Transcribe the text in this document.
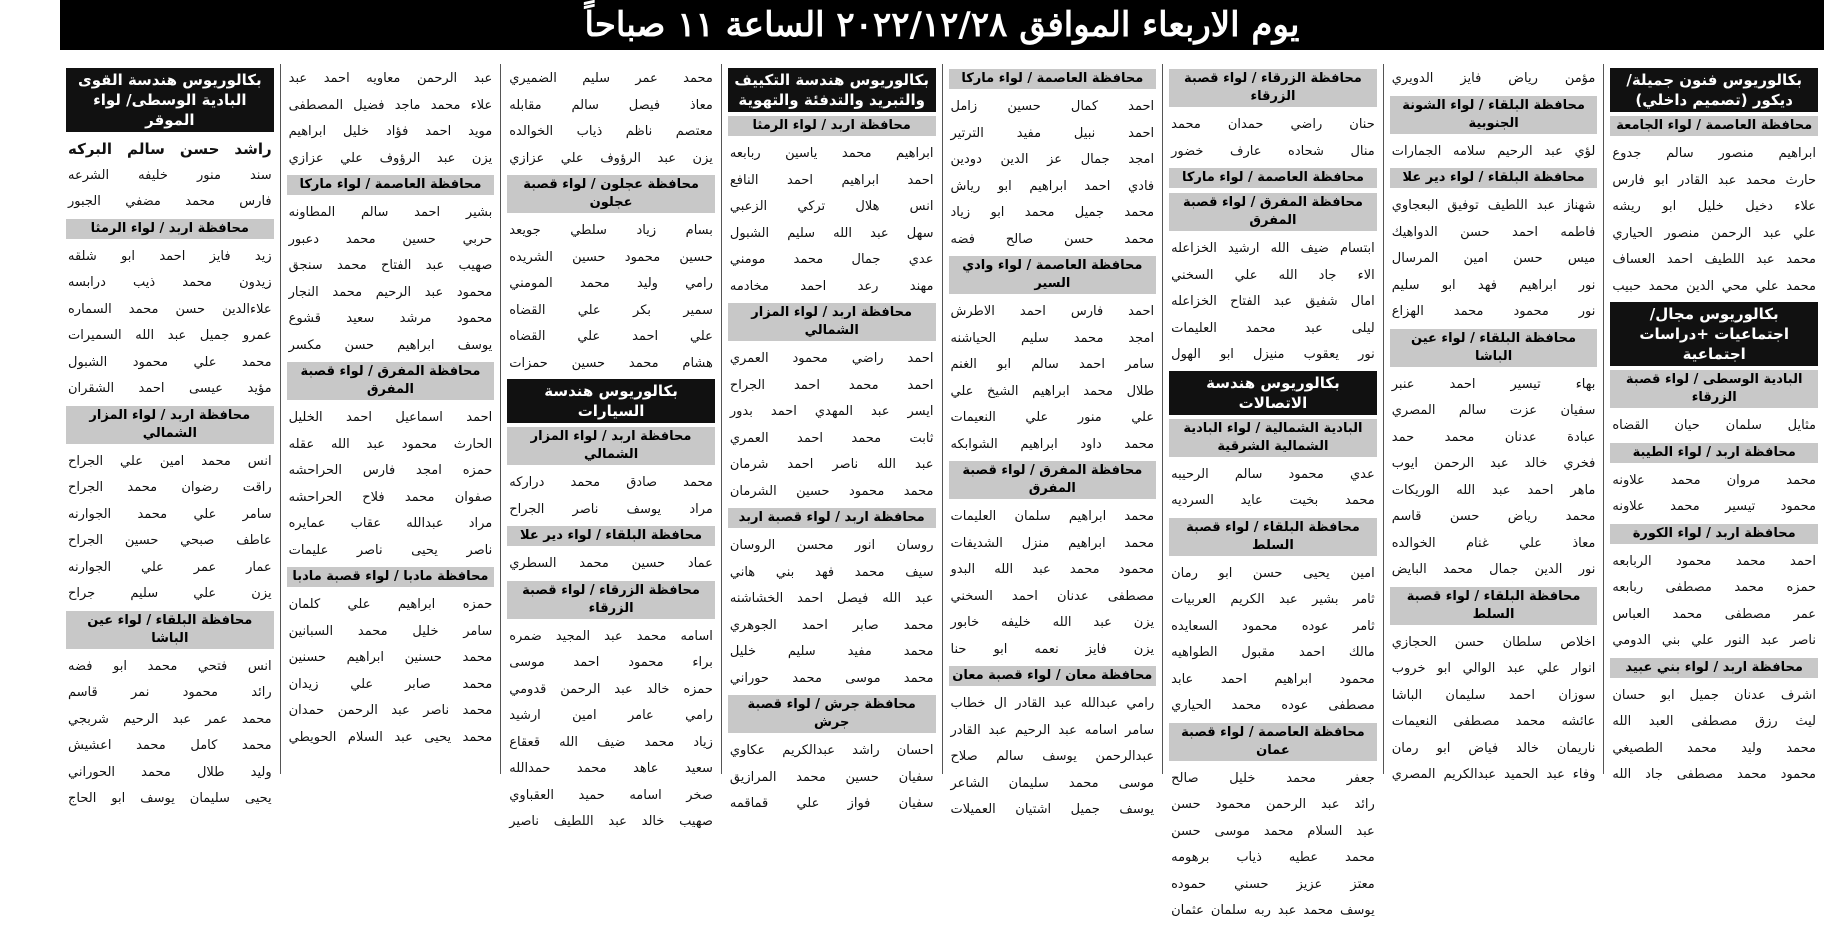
يوم الاربعاء الموافق ٢٠٢٢/١٢/٢٨ الساعة ١١ صباحاً
بكالوريوس فنون جميلة/ ديكور (تصميم داخلي)
محافظة العاصمة / لواء الجامعة
ابراهيم منصور سالم جدوع
حارث محمد عبد القادر ابو فارس
علاء دخيل خليل ابو ريشه
علي عبد الرحمن منصور الحياري
محمد عبد اللطيف احمد العساف
محمد علي محي الدين محمد حبيب
بكالوريوس مجال/اجتماعيات +دراسات اجتماعية
البادية الوسطى / لواء قصبة الزرقاء
مثايل سلمان حيان القضاه
محافظة اربد / لواء الطيبة
محمد مروان محمد علاونه
محمود تيسير محمد علاونه
محافظة اربد / لواء الكورة
احمد محمد محمود الربابعه
حمزه محمد مصطفى ربابعه
عمر مصطفى محمد العباس
ناصر عبد النور علي بني الدومي
محافظة اربد / لواء بني عبيد
اشرف عدنان جميل ابو حسان
ليث رزق مصطفى العبد الله
محمد وليد محمد الطصيغي
محمود محمد مصطفى جاد الله
مؤمن رياض فايز الدويري
محافظة البلقاء / لواء الشونة الجنوبية
لؤي عبد الرحيم سلامه الجمارات
محافظة البلقاء / لواء دير علا
شهناز عبد اللطيف توفيق البعجاوي
فاطمه احمد حسن الدواهيك
ميس حسن امين المرسال
نور ابراهيم فهد ابو سليم
نور محمود محمد الهزاع
محافظة البلقاء / لواء عين الباشا
بهاء تيسير احمد عنبر
سفيان عزت سالم المصري
عبادة عدنان محمد حمد
فخري خالد عبد الرحمن ايوب
ماهر احمد عبد الله الوريكات
محمد رياض حسن قاسم
معاذ علي غنام الخوالده
نور الدين جمال محمد البايض
محافظة البلقاء / لواء قصبة السلط
اخلاص سلطان حسن الحجازي
انوار علي عبد الوالي ابو خروب
سوزان احمد سليمان الباشا
عائشه محمد مصطفى النعيمات
ناريمان خالد فياض ابو رمان
وفاء عبد الحميد عبدالكريم المصري
محافظة الزرقاء / لواء قصبة الزرقاء
حنان راضي حمدان محمد
منال شحاده عارف خضور
محافظة العاصمة / لواء ماركا
محافظة المفرق / لواء قصبة المفرق
ابتسام ضيف الله ارشيد الخزاعله
الاء جاد الله علي السخني
امال شفيق عبد الفتاح الخزاعله
ليلى عبد محمد العليمات
نور يعقوب منيزل ابو الهول
بكالوريوس هندسة الاتصالات
البادية الشمالية / لواء البادية الشمالية الشرقية
عدي محمود سالم الرحيبه
محمد بخيت عايد السرديه
محافظة البلقاء / لواء قصبة السلط
امين يحيى حسن ابو رمان
ثامر بشير عبد الكريم العربيات
ثامر عوده محمود السعايده
مالك احمد مقبول الطواهيه
محمود ابراهيم احمد عابد
مصطفى عوده محمد الحياري
محافظة العاصمة / لواء قصبة عمان
جعفر محمد خليل صالح
رائد عبد الرحمن محمود حسن
عبد السلام محمد موسى حسن
محمد عطيه ذياب برهومه
معتز عزيز حسني حموده
يوسف محمد عبد ربه سلمان عثمان
محافظة العاصمة / لواء ماركا
احمد كمال حسين زامل
احمد نبيل مفيد الترتير
امجد جمال عز الدين دودين
فادي احمد ابراهيم ابو رياش
محمد جميل محمد ابو زياد
محمد حسن صالح فضه
محافظة العاصمة / لواء وادي السير
احمد فارس احمد الاطرش
امجد محمد سليم الحياشنه
سامر احمد سالم ابو الغنم
طلال محمد ابراهيم الشيخ علي
علي منور علي النعيمات
محمد داود ابراهيم الشوابكه
محافظة المفرق / لواء قصبة المفرق
محمد ابراهيم سلمان العليمات
محمد ابراهيم منزل الشديفات
محمود محمد عبد الله البدو
مصطفى عدنان احمد السخني
يزن عبد الله خليفه خابور
يزن فايز نعمه ابو حنا
محافظة معان / لواء قصبة معان
رامي عبدالله عبد القادر ال خطاب
سامر اسامه عبد الرحيم عبد القادر
عبدالرحمن يوسف سالم صلاح
موسى محمد سليمان الشاعر
يوسف جميل اشتيان العميلات
بكالوريوس هندسة التكييف والتبريد والتدفئة والتهوية
محافظة اربد / لواء الرمثا
ابراهيم محمد ياسين ربابعه
احمد ابراهيم احمد النافع
انس هلال تركي الزعبي
سهل عبد الله سليم الشبول
عدي جمال محمد مومني
مهند رعد احمد مخادمه
محافظة اربد / لواء المزار الشمالي
احمد راضي محمود العمري
احمد محمد احمد الجراح
ايسر عبد المهدي احمد بدور
ثابت محمد احمد العمري
عبد الله ناصر احمد شرمان
محمد محمود حسين الشرمان
محافظة اربد / لواء قصبة اربد
روسان انور محسن الروسان
سيف محمد فهد بني هاني
عبد الله فيصل احمد الخشاشنه
محمد صابر احمد الجوهري
محمد مفيد سليم خليل
محمد موسى محمد حوراني
محافظة جرش / لواء قصبة جرش
احسان راشد عبدالكريم عكاوي
سفيان حسين محمد المرازيق
سفيان فواز علي قماقمه
محمد عمر سليم الضميري
معاذ فيصل سالم مقابله
معتصم ناظم ذياب الخوالده
يزن عبد الرؤوف علي عزازي
محافظة عجلون / لواء قصبة عجلون
بسام زياد سلطي جويعد
حسين محمود حسين الشريده
رامي وليد محمد المومني
سمير بكر علي القضاه
علي احمد علي القضاه
هشام محمد حسين حمزات
بكالوريوس هندسة السيارات
محافظة اربد / لواء المزار الشمالي
محمد صادق محمد دراركه
مراد يوسف ناصر الجراح
محافظة البلقاء / لواء دير علا
عماد حسين محمد السطري
محافظة الزرقاء / لواء قصبة الزرقاء
اسامه محمد عبد المجيد ضمره
براء محمود احمد موسى
حمزه خالد عبد الرحمن قدومي
رامي عامر امين ارشيد
زياد محمد ضيف الله قعقاع
سعيد عاهد محمد حمدالله
صخر اسامه حميد العقباوي
صهيب خالد عبد اللطيف ناصير
عبد الرحمن معاويه احمد عبد
علاء محمد ماجد فضيل المصطفى
مويد احمد فؤاد خليل ابراهيم
يزن عبد الرؤوف علي عزازي
محافظة العاصمة / لواء ماركا
بشير احمد سالم المطاونه
حربي حسين محمد دعبور
صهيب عبد الفتاح محمد سنجق
محمود عبد الرحيم محمد النجار
محمود مرشد سعيد قشوع
يوسف ابراهيم حسن مكسر
محافظة المفرق / لواء قصبة المفرق
احمد اسماعيل احمد الخليل
الحارث محمود عبد الله عقله
حمزه امجد فارس الحراحشه
صفوان محمد فلاح الحراحشه
مراد عبدالله عقاب عمايره
ناصر يحيى ناصر عليمات
محافظة مادبا / لواء قصبة مادبا
حمزه ابراهيم علي كلمان
سامر خليل محمد السبانين
محمد حسنين ابراهيم حسنين
محمد صابر علي زيدان
محمد ناصر عبد الرحمن حمدان
محمد يحيى عبد السلام الحويطي
بكالوريوس هندسة القوى البادية الوسطى/ لواء الموقر
راشد حسن سالم البركه
سند منور خليفه الشرعه
فارس محمد مضفي الجبور
محافظة اربد / لواء الرمثا
زيد فايز احمد ابو شلقه
زيدون محمد ذيب درابسه
علاءالدين حسن محمد السماره
عمرو جميل عبد الله السميرات
محمد علي محمود الشبول
مؤيد عيسى احمد الشقران
محافظة اربد / لواء المزار الشمالي
انس محمد امين علي الجراح
راقت رضوان محمد الجراح
سامر علي محمد الجوارنه
عاطف صبحي حسين الجراح
عمار عمر علي الجوارنه
يزن علي سليم جراح
محافظة البلقاء / لواء عين الباشا
انس فتحي محمد ابو فضه
رائد محمود نمر قاسم
محمد عمر عبد الرحيم شربجي
محمد كامل محمد اعشيش
وليد طلال محمد الحوراني
يحيى سليمان يوسف ابو الحاج
